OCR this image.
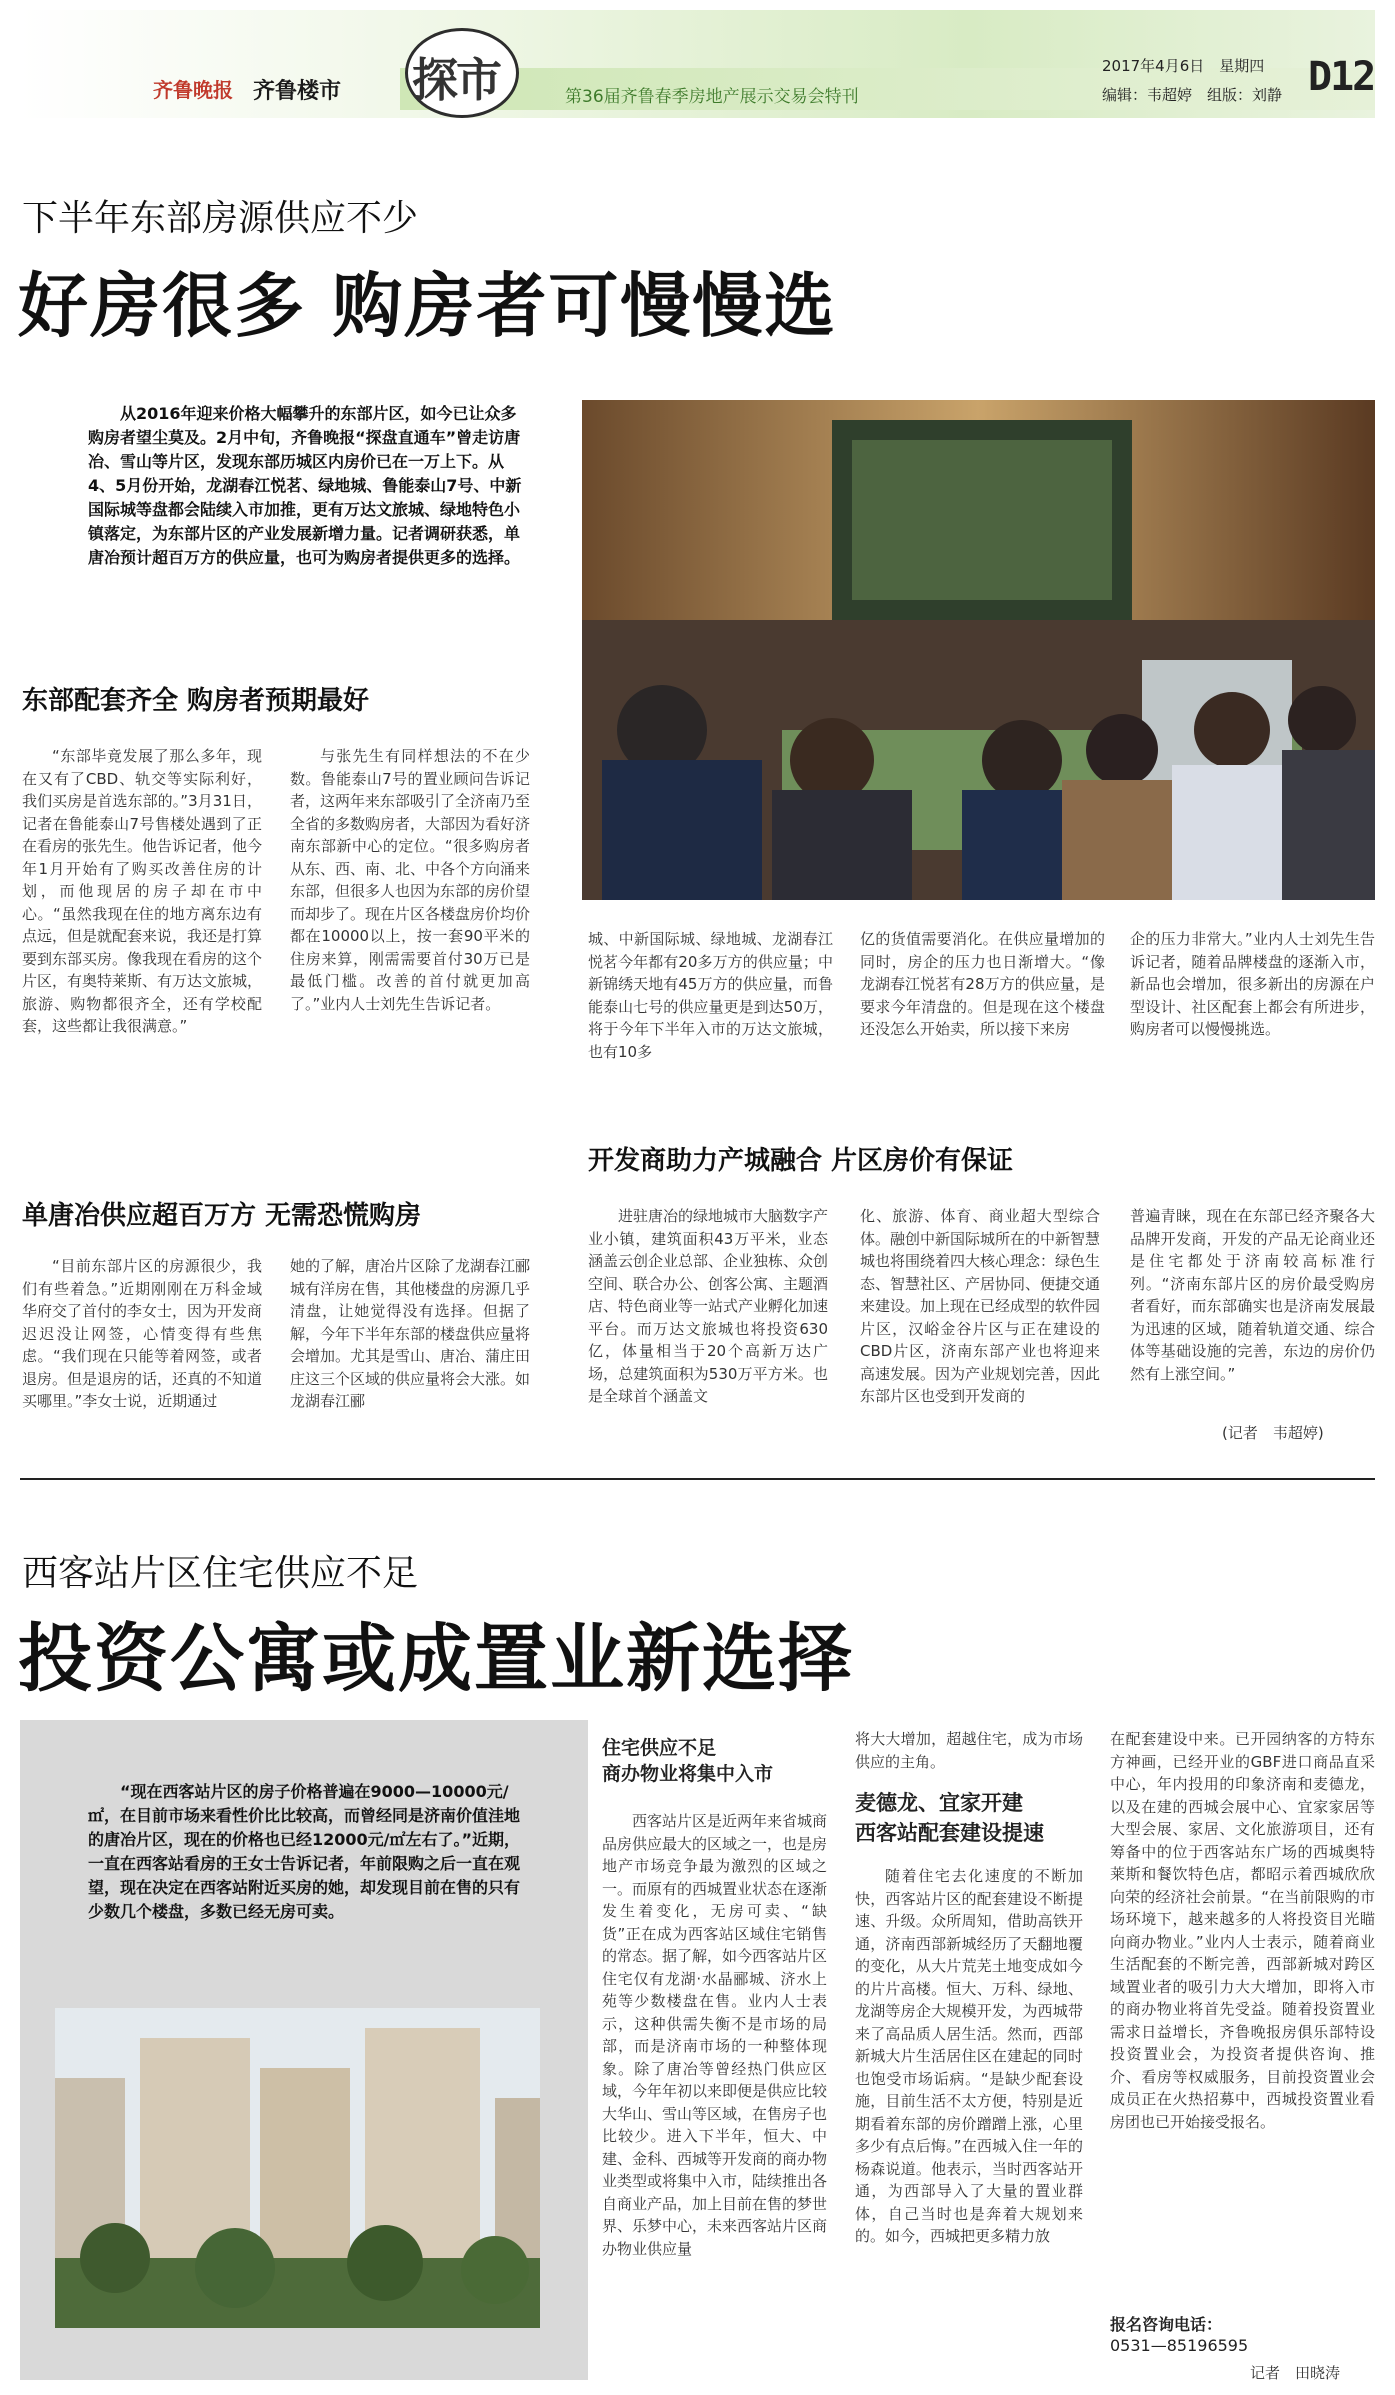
齐鲁晚报 齐鲁楼市 探市	第36届齐鲁春季房地产展示交易会特刊
2017年4月6日　星期四
编辑：韦超婷　组版：刘静 D12
下半年东部房源供应不少
好房很多 购房者可慢慢选
从2016年迎来价格大幅攀升的东部片区，如今已让众多购房者望尘莫及。2月中旬，齐鲁晚报“探盘直通车”曾走访唐冶、雪山等片区，发现东部历城区内房价已在一万上下。从4、5月份开始，龙湖春江悦茗、绿地城、鲁能泰山7号、中新国际城等盘都会陆续入市加推，更有万达文旅城、绿地特色小镇落定，为东部片区的产业发展新增力量。记者调研获悉，单唐冶预计超百万方的供应量，也可为购房者提供更多的选择。
东部配套齐全 购房者预期最好

“东部毕竟发展了那么多年，现在又有了CBD、轨交等实际利好，我们买房是首选东部的。”3月31日，记者在鲁能泰山7号售楼处遇到了正在看房的张先生。他告诉记者，他今年1月开始有了购买改善住房的计划，而他现居的房子却在市中心。“虽然我现在住的地方离东边有点远，但是就配套来说，我还是打算要到东部买房。像我现在看房的这个片区，有奥特莱斯、有万达文旅城，旅游、购物都很齐全，还有学校配套，这些都让我很满意。”

与张先生有同样想法的不在少数。鲁能泰山7号的置业顾问告诉记者，这两年来东部吸引了全济南乃至全省的多数购房者，大部因为看好济南东部新中心的定位。“很多购房者从东、西、南、北、中各个方向涌来东部，但很多人也因为东部的房价望而却步了。现在片区各楼盘房价均价都在10000以上，按一套90平米的住房来算，刚需需要首付30万已是最低门槛。改善的首付就更加高了。”业内人士刘先生告诉记者。

单唐冶供应超百万方 无需恐慌购房

“目前东部片区的房源很少，我们有些着急。”近期刚刚在万科金域华府交了首付的李女士，因为开发商迟迟没让网签，心情变得有些焦虑。“我们现在只能等着网签，或者退房。但是退房的话，还真的不知道买哪里。”李女士说，近期通过

她的了解，唐冶片区除了龙湖春江郦城有洋房在售，其他楼盘的房源几乎清盘，让她觉得没有选择。但据了解，今年下半年东部的楼盘供应量将会增加。尤其是雪山、唐冶、蒲庄田庄这三个区域的供应量将会大涨。如龙湖春江郦

城、中新国际城、绿地城、龙湖春江悦茗今年都有20多万方的供应量；中新锦绣天地有45万方的供应量，而鲁能泰山七号的供应量更是到达50万，将于今年下半年入市的万达文旅城，也有10多

亿的货值需要消化。在供应量增加的同时，房企的压力也日渐增大。“像龙湖春江悦茗有28万方的供应量，是要求今年清盘的。但是现在这个楼盘还没怎么开始卖，所以接下来房

企的压力非常大。”业内人士刘先生告诉记者，随着品牌楼盘的逐渐入市，新品也会增加，很多新出的房源在户型设计、社区配套上都会有所进步，购房者可以慢慢挑选。

开发商助力产城融合 片区房价有保证

进驻唐冶的绿地城市大脑数字产业小镇，建筑面积43万平米，业态涵盖云创企业总部、企业独栋、众创空间、联合办公、创客公寓、主题酒店、特色商业等一站式产业孵化加速平台。而万达文旅城也将投资630亿，体量相当于20个高新万达广场，总建筑面积为530万平方米。也是全球首个涵盖文

化、旅游、体育、商业超大型综合体。融创中新国际城所在的中新智慧城也将围绕着四大核心理念：绿色生态、智慧社区、产居协同、便捷交通来建设。加上现在已经成型的软件园片区，汉峪金谷片区与正在建设的CBD片区，济南东部产业也将迎来高速发展。因为产业规划完善，因此东部片区也受到开发商的

普遍青睐，现在在东部已经齐聚各大品牌开发商，开发的产品无论商业还是住宅都处于济南较高标准行列。“济南东部片区的房价最受购房者看好，而东部确实也是济南发展最为迅速的区域，随着轨道交通、综合体等基础设施的完善，东边的房价仍然有上涨空间。”

(记者　韦超婷)
西客站片区住宅供应不足
投资公寓或成置业新选择
“现在西客站片区的房子价格普遍在9000—10000元/㎡，在目前市场来看性价比比较高，而曾经同是济南价值洼地的唐冶片区，现在的价格也已经12000元/㎡左右了。”近期，一直在西客站看房的王女士告诉记者，年前限购之后一直在观望，现在决定在西客站附近买房的她，却发现目前在售的只有少数几个楼盘，多数已经无房可卖。
住宅供应不足
商办物业将集中入市

西客站片区是近两年来省城商品房供应最大的区域之一，也是房地产市场竞争最为激烈的区域之一。而原有的西城置业状态在逐渐发生着变化，无房可卖、“缺货”正在成为西客站区域住宅销售的常态。据了解，如今西客站片区住宅仅有龙湖·水晶郦城、济水上苑等少数楼盘在售。业内人士表示，这种供需失衡不是市场的局部，而是济南市场的一种整体现象。除了唐冶等曾经热门供应区域，今年年初以来即便是供应比较大华山、雪山等区域，在售房子也比较少。进入下半年，恒大、中建、金科、西城等开发商的商办物业类型或将集中入市，陆续推出各自商业产品，加上目前在售的梦世界、乐梦中心，未来西客站片区商办物业供应量

将大大增加，超越住宅，成为市场供应的主角。

麦德龙、宜家开建
西客站配套建设提速

随着住宅去化速度的不断加快，西客站片区的配套建设不断提速、升级。众所周知，借助高铁开通，济南西部新城经历了天翻地覆的变化，从大片荒芜土地变成如今的片片高楼。恒大、万科、绿地、龙湖等房企大规模开发，为西城带来了高品质人居生活。然而，西部新城大片生活居住区在建起的同时也饱受市场诟病。“是缺少配套设施，目前生活不太方便，特别是近期看着东部的房价蹭蹭上涨，心里多少有点后悔。”在西城入住一年的杨森说道。他表示，当时西客站开通，为西部导入了大量的置业群体，自己当时也是奔着大规划来的。如今，西城把更多精力放

在配套建设中来。已开园纳客的方特东方神画，已经开业的GBF进口商品直采中心，年内投用的印象济南和麦德龙，以及在建的西城会展中心、宜家家居等大型会展、家居、文化旅游项目，还有筹备中的位于西客站东广场的西城奥特莱斯和餐饮特色店，都昭示着西城欣欣向荣的经济社会前景。“在当前限购的市场环境下，越来越多的人将投资目光瞄向商办物业。”业内人士表示，随着商业生活配套的不断完善，西部新城对跨区域置业者的吸引力大大增加，即将入市的商办物业将首先受益。随着投资置业需求日益增长，齐鲁晚报房俱乐部特设投资置业会，为投资者提供咨询、推介、看房等权威服务，目前投资置业会成员正在火热招募中，西城投资置业看房团也已开始接受报名。

报名咨询电话：
0531—85196595
记者　田晓涛
